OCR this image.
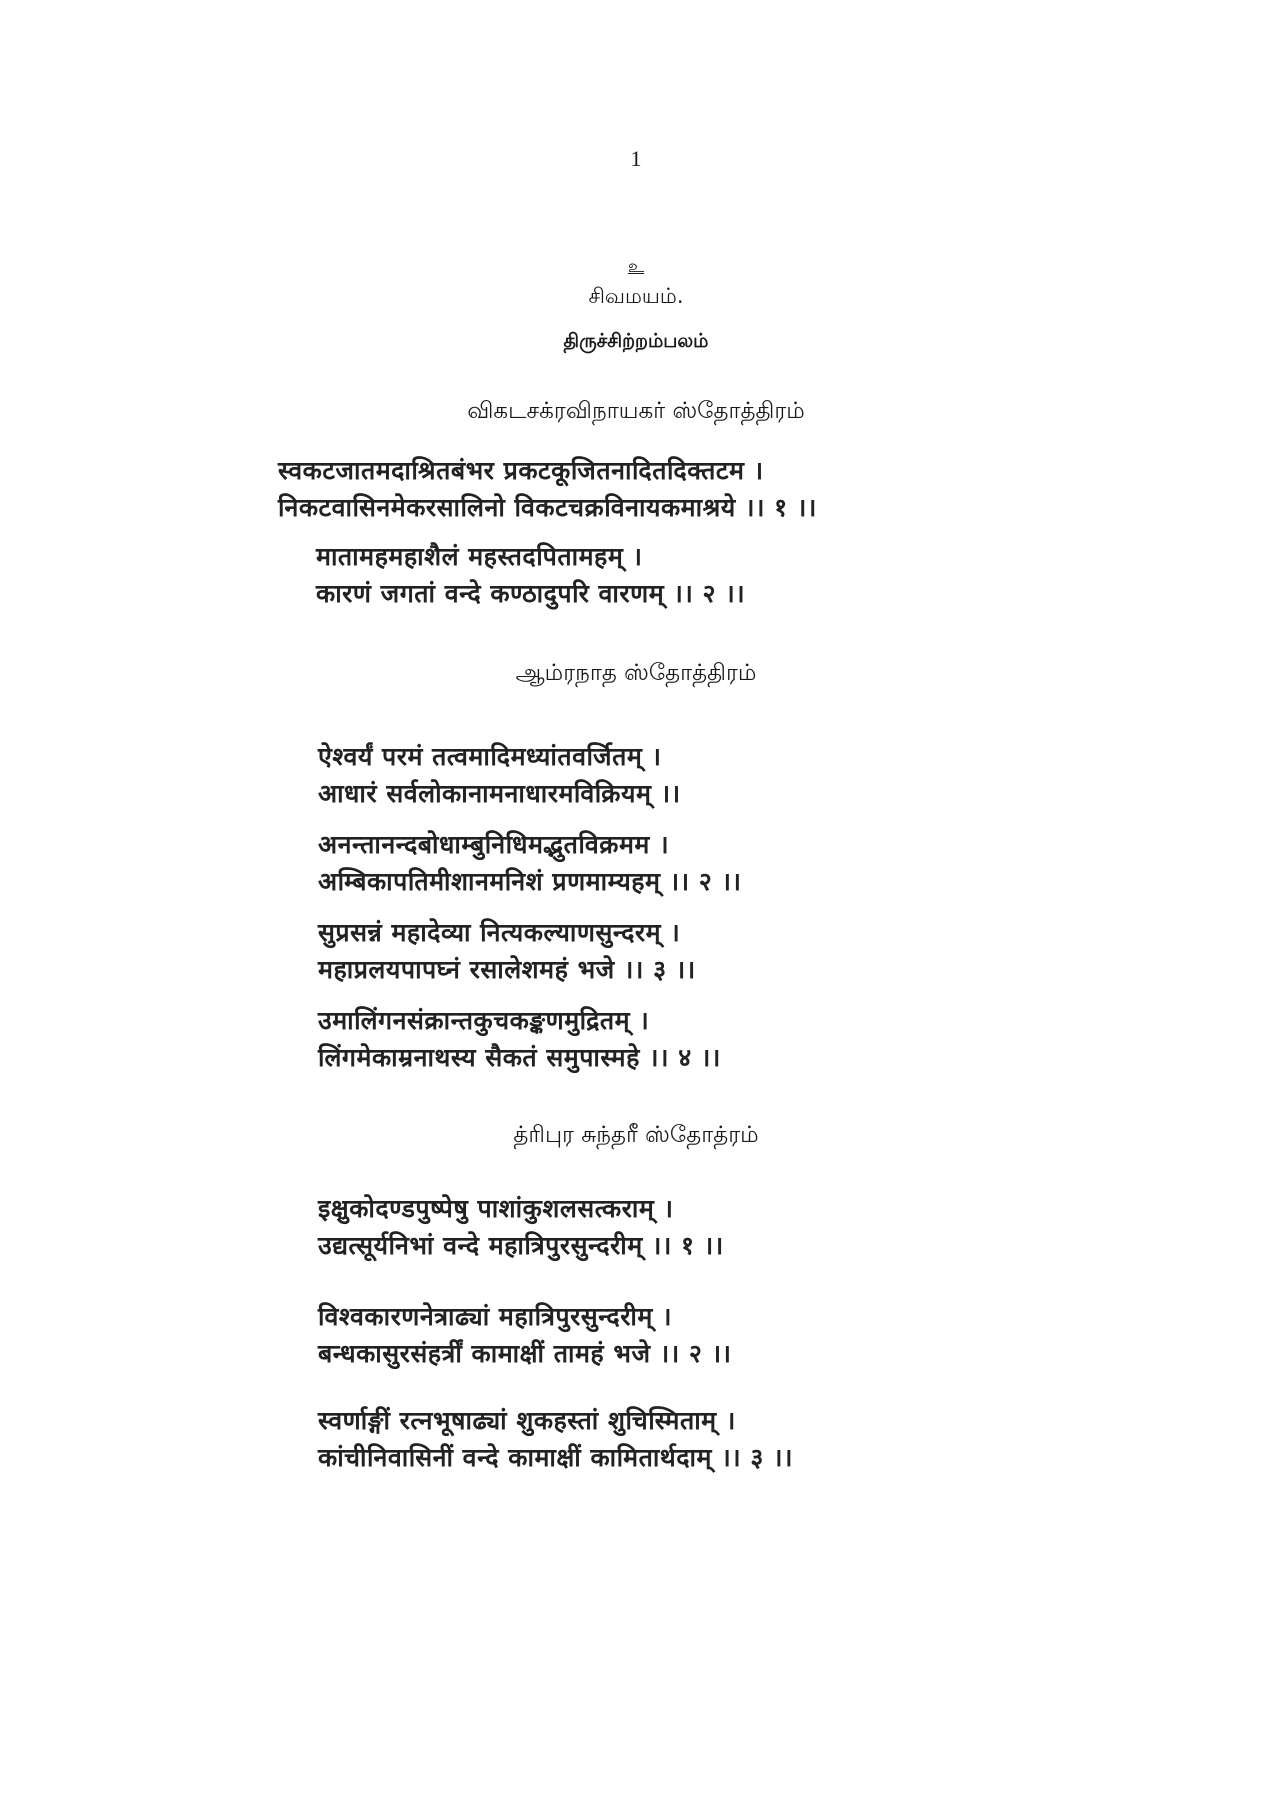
1
உ
சிவமயம்.
திருச்சிற்றம்பலம்
விகடசக்ரவிநாயகர் ஸ்தோத்திரம்
स्वकटजातमदाश्रितबंभर प्रकटकूजितनादितदिक्तटम ।
निकटवासिनमेकरसालिनो विकटचक्रविनायकमाश्रये ।। १ ।।
मातामहमहाशैलं महस्तदपितामहम् ।
कारणं जगतां वन्दे कण्ठादुपरि वारणम् ।। २ ।।
ஆம்ரநாத ஸ்தோத்திரம்
ऐश्वर्यं परमं तत्वमादिमध्यांतवर्जितम् ।
आधारं सर्वलोकानामनाधारमविक्रियम् ।।
अनन्तानन्दबोधाम्बुनिधिमद्भुतविक्रमम ।
अम्बिकापतिमीशानमनिशं प्रणमाम्यहम् ।। २ ।।
सुप्रसन्नं महादेव्या नित्यकल्याणसुन्दरम् ।
महाप्रलयपापघ्नं रसालेशमहं भजे ।। ३ ।।
उमालिंगनसंक्रान्तकुचकङ्कणमुद्रितम् ।
लिंगमेकाम्रनाथस्य सैकतं समुपास्महे ।। ४ ।।
த்ரிபுர சுந்தரீ ஸ்தோத்ரம்
इक्षुकोदण्डपुष्पेषु पाशांकुशलसत्कराम् ।
उद्यत्सूर्यनिभां वन्दे महात्रिपुरसुन्दरीम् ।। १ ।।
विश्वकारणनेत्राढ्यां महात्रिपुरसुन्दरीम् ।
बन्धकासुरसंहर्त्रीं कामाक्षीं तामहं भजे ।। २ ।।
स्वर्णाङ्गीं रत्नभूषाढ्यां शुकहस्तां शुचिस्मिताम् ।
कांचीनिवासिनीं वन्दे कामाक्षीं कामितार्थदाम् ।। ३ ।।
